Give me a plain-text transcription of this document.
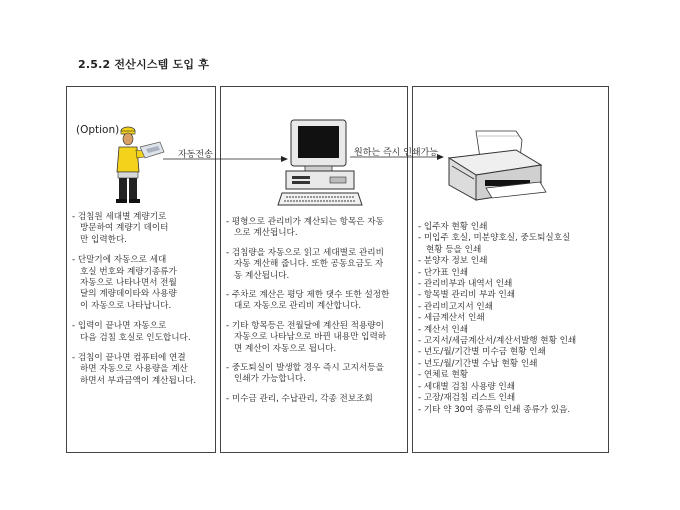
2.5.2 전산시스템 도입 후
(Option)
자동전송	원하는 즉시 인쇄가능
- 검침원 세대별 계량기로
방문하여 계량기 데이터
만 입력한다.
- 단말기에 자동으로 세대
호실 번호와 계량기종류가
자동으로 나타나면서 전월
달의 계량데이타와 사용량
이 자동으로 나타납니다.
- 입력이 끝나면 자동으로
다음 검침 호실로 인도합니다.
- 검침이 끝나면 컴퓨터에 연결
하면 자동으로 사용량을 계산
하면서 부과금액이 계산됩니다.
- 평형으로 관리비가 계산되는 항목은 자동
으로 계산됩니다.
- 검침량을 자동으로 읽고 세대별로 관리비
자동 계산해 줍니다. 또한 공동요금도 자
동 계산됩니다.
- 주차로 계산은 평당 제한 댓수 또한 설정한
대로 자동으로 관리비 계산합니다.
- 기타 항목등은 전월달에 계산된 적용량이
자동으로 나타남으로 바뀐 내용만 입력하
면 계산이 자동으로 됩니다.
- 중도퇴실이 발생할 경우 즉시 고지서등을
인쇄가 가능합니다.
- 미수금 관리, 수납관리, 각종 전보조회
- 입주자 현황 인쇄
- 미입주 호실, 미분양호실, 중도퇴실호실
현황 등을 인쇄
- 분양자 정보 인쇄
- 단가표 인쇄
- 관리비부과 내역서 인쇄
- 항목별 관리비 부과 인쇄
- 관리비고지서 인쇄
- 세금계산서 인쇄
- 계산서 인쇄
- 고지서/세금계산서/계산서발행 현황 인쇄
- 년도/월/기간별 미수금 현황 인쇄
- 년도/월/기간별 수납 현황 인쇄
- 연체료 현황
- 세대별 검침 사용량 인쇄
- 고장/재검침 리스트 인쇄
- 기타 약 30여 종류의 인쇄 종류가 있음.
